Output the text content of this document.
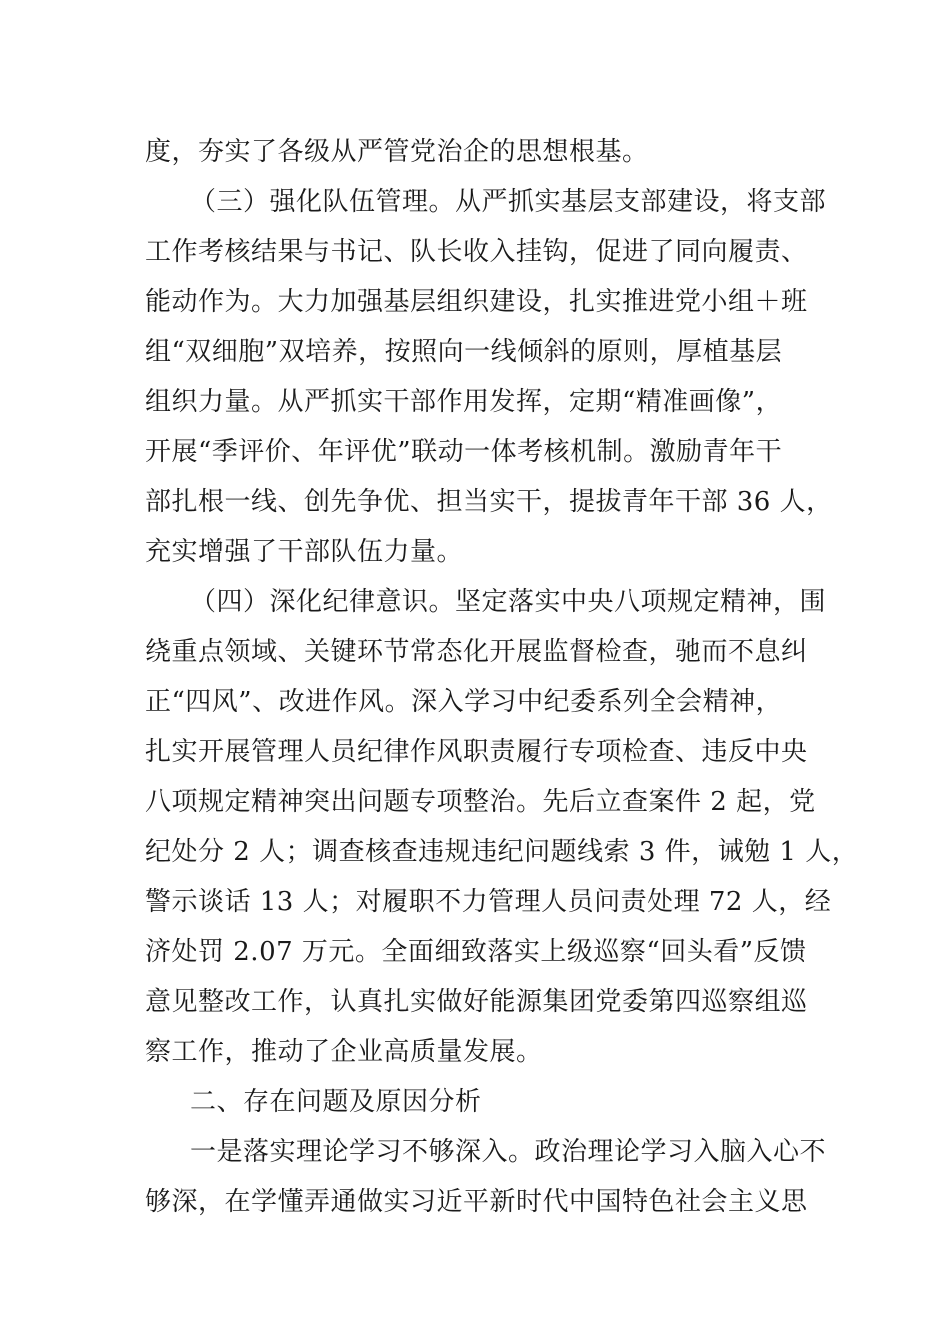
度，夯实了各级从严管党治企的思想根基。
（三）强化队伍管理。从严抓实基层支部建设，将支部
工作考核结果与书记、队长收入挂钩，促进了同向履责、
能动作为。大力加强基层组织建设，扎实推进党小组＋班
组“双细胞”双培养，按照向一线倾斜的原则，厚植基层
组织力量。从严抓实干部作用发挥，定期“精准画像”，
开展“季评价、年评优”联动一体考核机制。激励青年干
部扎根一线、创先争优、担当实干，提拔青年干部 36 人，
充实增强了干部队伍力量。
（四）深化纪律意识。坚定落实中央八项规定精神，围
绕重点领域、关键环节常态化开展监督检查，驰而不息纠
正“四风”、改进作风。深入学习中纪委系列全会精神，
扎实开展管理人员纪律作风职责履行专项检查、违反中央
八项规定精神突出问题专项整治。先后立查案件 2 起，党
纪处分 2 人；调查核查违规违纪问题线索 3 件，诫勉 1 人，
警示谈话 13 人；对履职不力管理人员问责处理 72 人，经
济处罚 2.07 万元。全面细致落实上级巡察“回头看”反馈
意见整改工作，认真扎实做好能源集团党委第四巡察组巡
察工作，推动了企业高质量发展。
二、存在问题及原因分析
一是落实理论学习不够深入。政治理论学习入脑入心不
够深，在学懂弄通做实习近平新时代中国特色社会主义思
